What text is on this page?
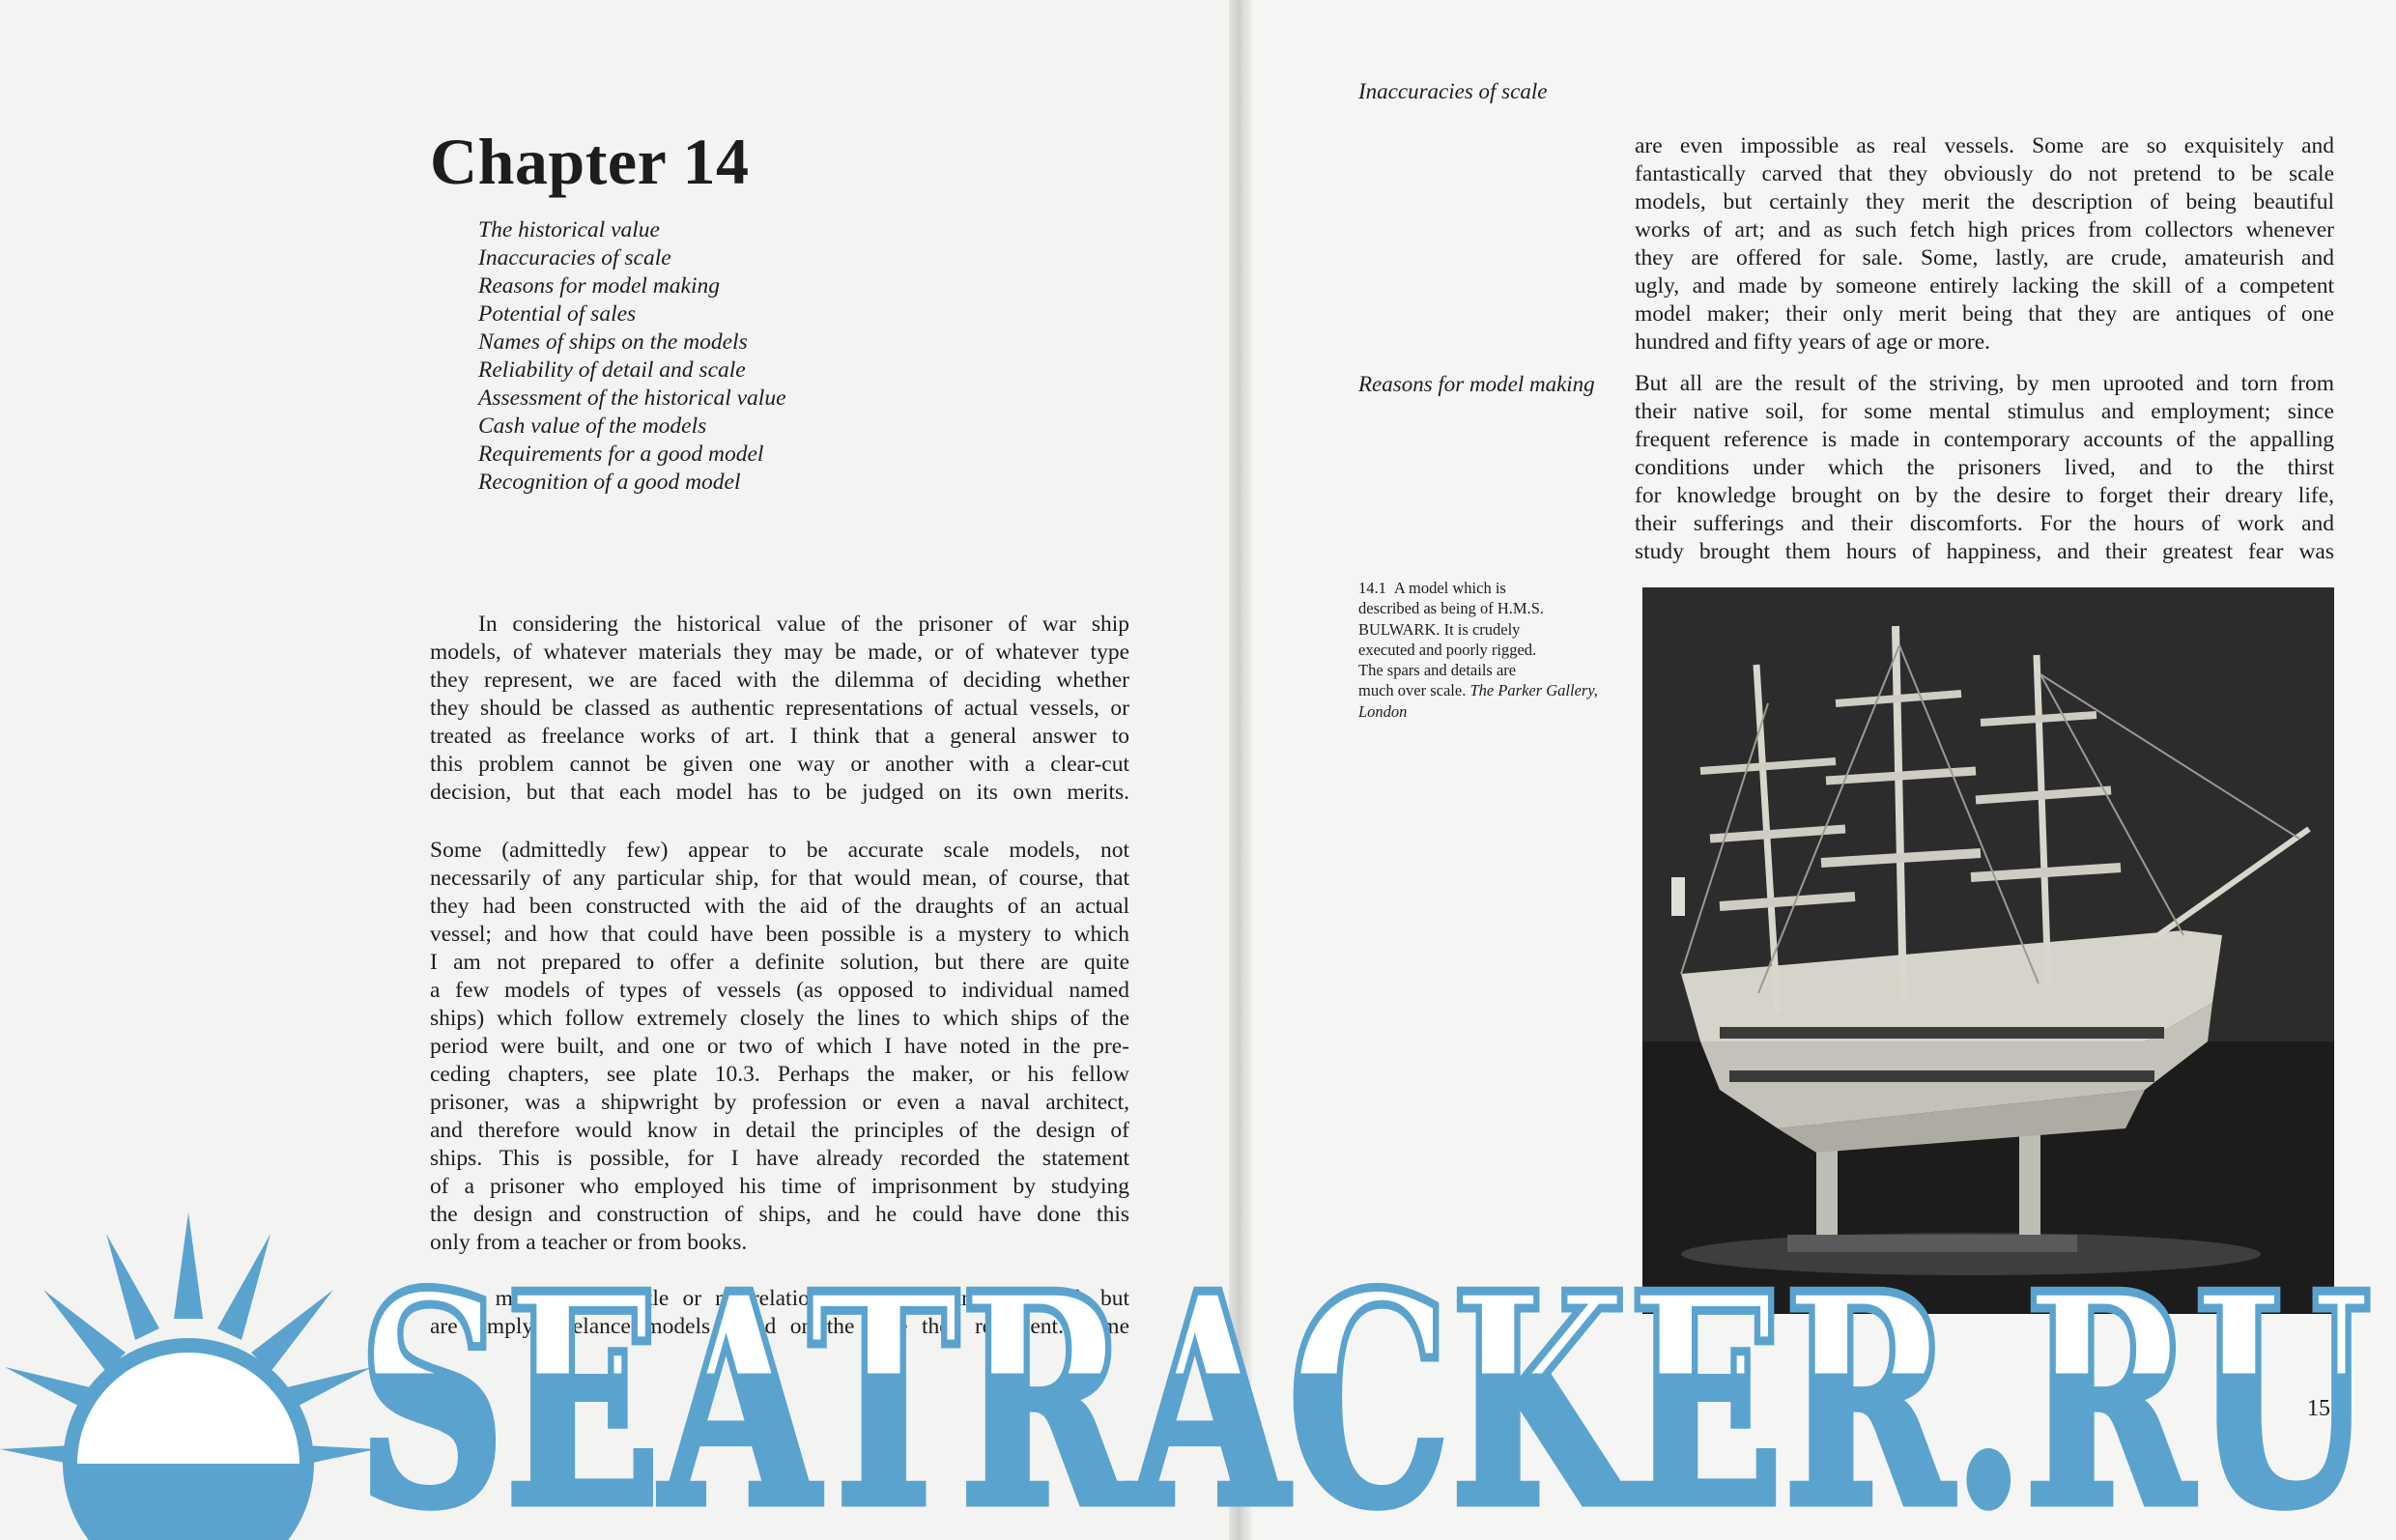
Chapter 14
The historical value
Inaccuracies of scale
Reasons for model making
Potential of sales
Names of ships on the models
Reliability of detail and scale
Assessment of the historical value
Cash value of the models
Requirements for a good model
Recognition of a good model
In considering the historical value of the prisoner of war ship
models, of whatever materials they may be made, or of whatever type
they represent, we are faced with the dilemma of deciding whether
they should be classed as authentic representations of actual vessels, or
treated as freelance works of art. I think that a general answer to
this problem cannot be given one way or another with a clear-cut
decision, but that each model has to be judged on its own merits.
Some (admittedly few) appear to be accurate scale models, not
necessarily of any particular ship, for that would mean, of course, that
they had been constructed with the aid of the draughts of an actual
vessel; and how that could have been possible is a mystery to which
I am not prepared to offer a definite solution, but there are quite
a few models of types of vessels (as opposed to individual named
ships) which follow extremely closely the lines to which ships of the
period were built, and one or two of which I have noted in the pre-
ceding chapters, see plate 10.3. Perhaps the maker, or his fellow
prisoner, was a shipwright by profession or even a naval architect,
and therefore would know in detail the principles of the design of
ships. This is possible, for I have already recorded the statement
of a prisoner who employed his time of imprisonment by studying
the design and construction of ships, and he could have done this
only from a teacher or from books.
Other models bear little or no relationship to any known vessel, but
are simply freelance models based on the type they represent. Some
Inaccuracies of scale
are even impossible as real vessels. Some are so exquisitely and
fantastically carved that they obviously do not pretend to be scale
models, but certainly they merit the description of being beautiful
works of art; and as such fetch high prices from collectors whenever
they are offered for sale. Some, lastly, are crude, amateurish and
ugly, and made by someone entirely lacking the skill of a competent
model maker; their only merit being that they are antiques of one
hundred and fifty years of age or more.
Reasons for model making But all are the result of the striving, by men uprooted and torn from
their native soil, for some mental stimulus and employment; since
frequent reference is made in contemporary accounts of the appalling
conditions under which the prisoners lived, and to the thirst
for knowledge brought on by the desire to forget their dreary life,
their sufferings and their discomforts. For the hours of work and
study brought them hours of happiness, and their greatest fear was
14.1 A model which is
described as being of H.M.S.
BULWARK. It is crudely
executed and poorly rigged.
The spars and details are
much over scale. The Parker Gallery, London
151
SEATRACKER.RU
